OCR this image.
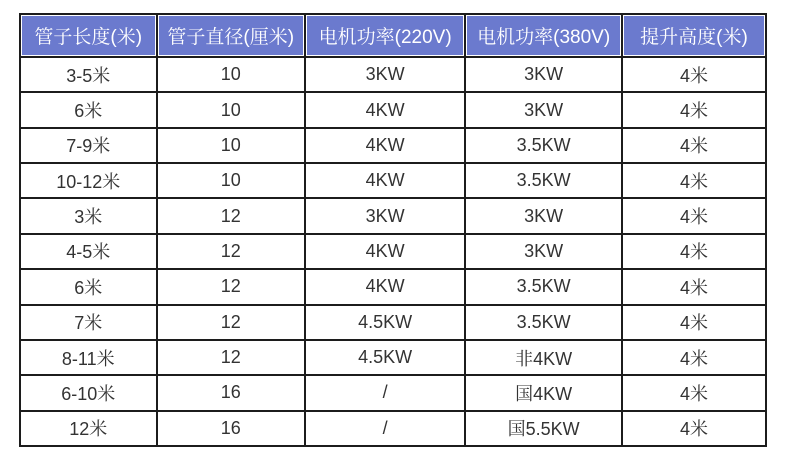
管子长度(米)	管子直径(厘米)	电机功率(220V)	电机功率(380V)	提升高度(米)
3-5米	10	3KW	3KW	4米
6米	10	4KW	3KW	4米
7-9米	10	4KW	3.5KW	4米
10-12米	10	4KW	3.5KW	4米
3米	12	3KW	3KW	4米
4-5米	12	4KW	3KW	4米
6米	12	4KW	3.5KW	4米
7米	12	4.5KW	3.5KW	4米
8-11米	12	4.5KW	非4KW	4米
6-10米	16	/	国4KW	4米
12米	16	/	国5.5KW	4米
